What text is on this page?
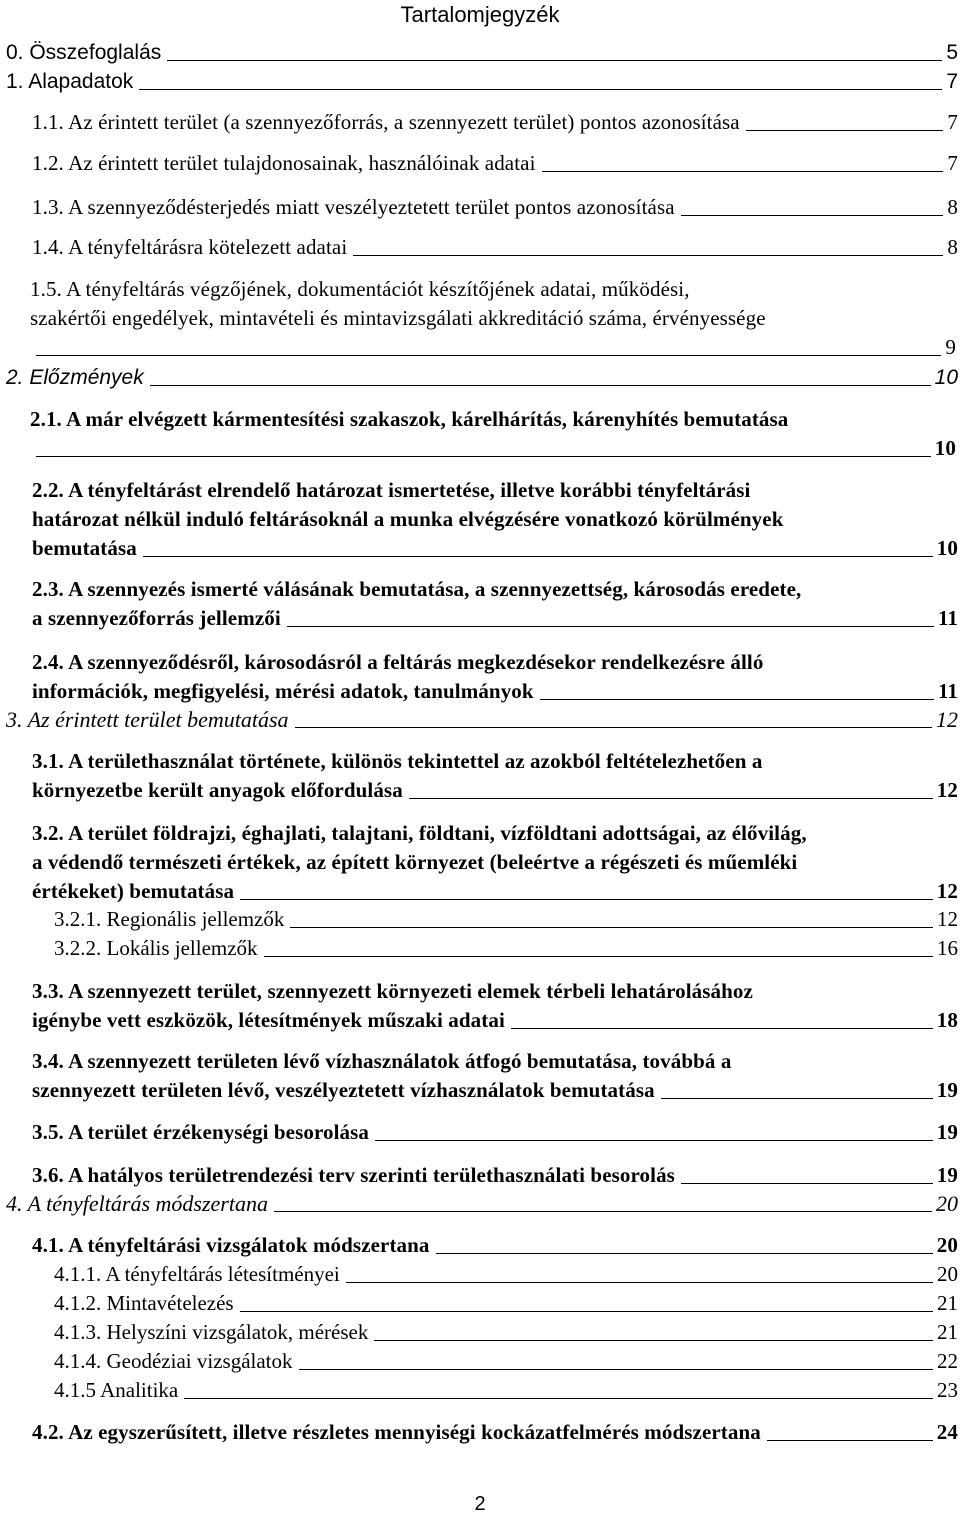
Tartalomjegyzék
0. Összefoglalás	5
1. Alapadatok	7
1.1. Az érintett terület (a szennyezőforrás, a szennyezett terület) pontos azonosítása	7
1.2. Az érintett terület tulajdonosainak, használóinak adatai	7
1.3. A szennyeződésterjedés miatt veszélyeztetett terület pontos azonosítása	8
1.4. A tényfeltárásra kötelezett adatai	8
1.5. A tényfeltárás végzőjének, dokumentációt készítőjének adatai, működési,
szakértői engedélyek, mintavételi és mintavizsgálati akkreditáció száma, érvényessége
9
2. Előzmények	10
2.1. A már elvégzett kármentesítési szakaszok, kárelhárítás, kárenyhítés bemutatása
10
2.2. A tényfeltárást elrendelő határozat ismertetése, illetve korábbi tényfeltárási
határozat nélkül induló feltárásoknál a munka elvégzésére vonatkozó körülmények
bemutatása	10
2.3. A szennyezés ismerté válásának bemutatása, a szennyezettség, károsodás eredete,
a szennyezőforrás jellemzői	11
2.4. A szennyeződésről, károsodásról a feltárás megkezdésekor rendelkezésre álló
információk, megfigyelési, mérési adatok, tanulmányok	11
3. Az érintett terület bemutatása	12
3.1. A területhasználat története, különös tekintettel az azokból feltételezhetően a
környezetbe került anyagok előfordulása	12
3.2. A terület földrajzi, éghajlati, talajtani, földtani, vízföldtani adottságai, az élővilág,
a védendő természeti értékek, az épített környezet (beleértve a régészeti és műemléki
értékeket) bemutatása	12
3.2.1. Regionális jellemzők	12
3.2.2. Lokális jellemzők	16
3.3. A szennyezett terület, szennyezett környezeti elemek térbeli lehatárolásához
igénybe vett eszközök, létesítmények műszaki adatai	18
3.4. A szennyezett területen lévő vízhasználatok átfogó bemutatása, továbbá a
szennyezett területen lévő, veszélyeztetett vízhasználatok bemutatása	19
3.5. A terület érzékenységi besorolása	19
3.6. A hatályos területrendezési terv szerinti területhasználati besorolás	19
4. A tényfeltárás módszertana	20
4.1. A tényfeltárási vizsgálatok módszertana	20
4.1.1. A tényfeltárás létesítményei	20
4.1.2. Mintavételezés	21
4.1.3. Helyszíni vizsgálatok, mérések	21
4.1.4. Geodéziai vizsgálatok	22
4.1.5 Analitika	23
4.2. Az egyszerűsített, illetve részletes mennyiségi kockázatfelmérés módszertana	24
2
